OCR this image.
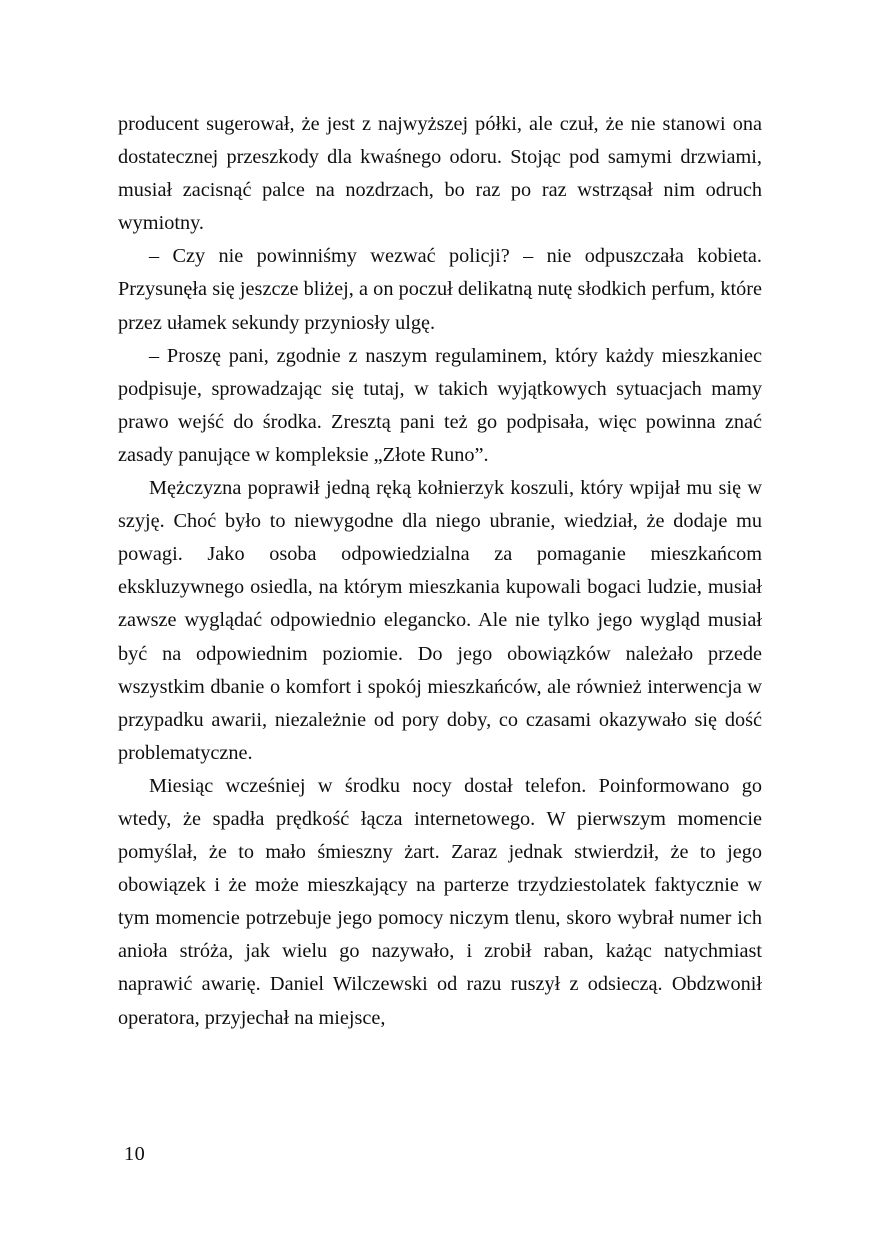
producent sugerował, że jest z najwyższej półki, ale czuł, że nie stanowi ona dostatecznej przeszkody dla kwaśnego odoru. Stojąc pod samymi drzwiami, musiał zacisnąć palce na nozdrzach, bo raz po raz wstrząsał nim odruch wymiotny.

– Czy nie powinniśmy wezwać policji? – nie odpuszczała kobieta. Przysunęła się jeszcze bliżej, a on poczuł delikatną nutę słodkich perfum, które przez ułamek sekundy przyniosły ulgę.

– Proszę pani, zgodnie z naszym regulaminem, który każdy mieszkaniec podpisuje, sprowadzając się tutaj, w takich wyjątkowych sytuacjach mamy prawo wejść do środka. Zresztą pani też go podpisała, więc powinna znać zasady panujące w kompleksie „Złote Runo”.

Mężczyzna poprawił jedną ręką kołnierzyk koszuli, który wpijał mu się w szyję. Choć było to niewygodne dla niego ubranie, wiedział, że dodaje mu powagi. Jako osoba odpowiedzialna za pomaganie mieszkańcom ekskluzywnego osiedla, na którym mieszkania kupowali bogaci ludzie, musiał zawsze wyglądać odpowiednio elegancko. Ale nie tylko jego wygląd musiał być na odpowiednim poziomie. Do jego obowiązków należało przede wszystkim dbanie o komfort i spokój mieszkańców, ale również interwencja w przypadku awarii, niezależnie od pory doby, co czasami okazywało się dość problematyczne.

Miesiąc wcześniej w środku nocy dostał telefon. Poinformowano go wtedy, że spadła prędkość łącza internetowego. W pierwszym momencie pomyślał, że to mało śmieszny żart. Zaraz jednak stwierdził, że to jego obowiązek i że może mieszkający na parterze trzydziestolatek faktycznie w tym momencie potrzebuje jego pomocy niczym tlenu, skoro wybrał numer ich anioła stróża, jak wielu go nazywało, i zrobił raban, każąc natychmiast naprawić awarię. Daniel Wilczewski od razu ruszył z odsieczą. Obdzwonił operatora, przyjechał na miejsce,

10
